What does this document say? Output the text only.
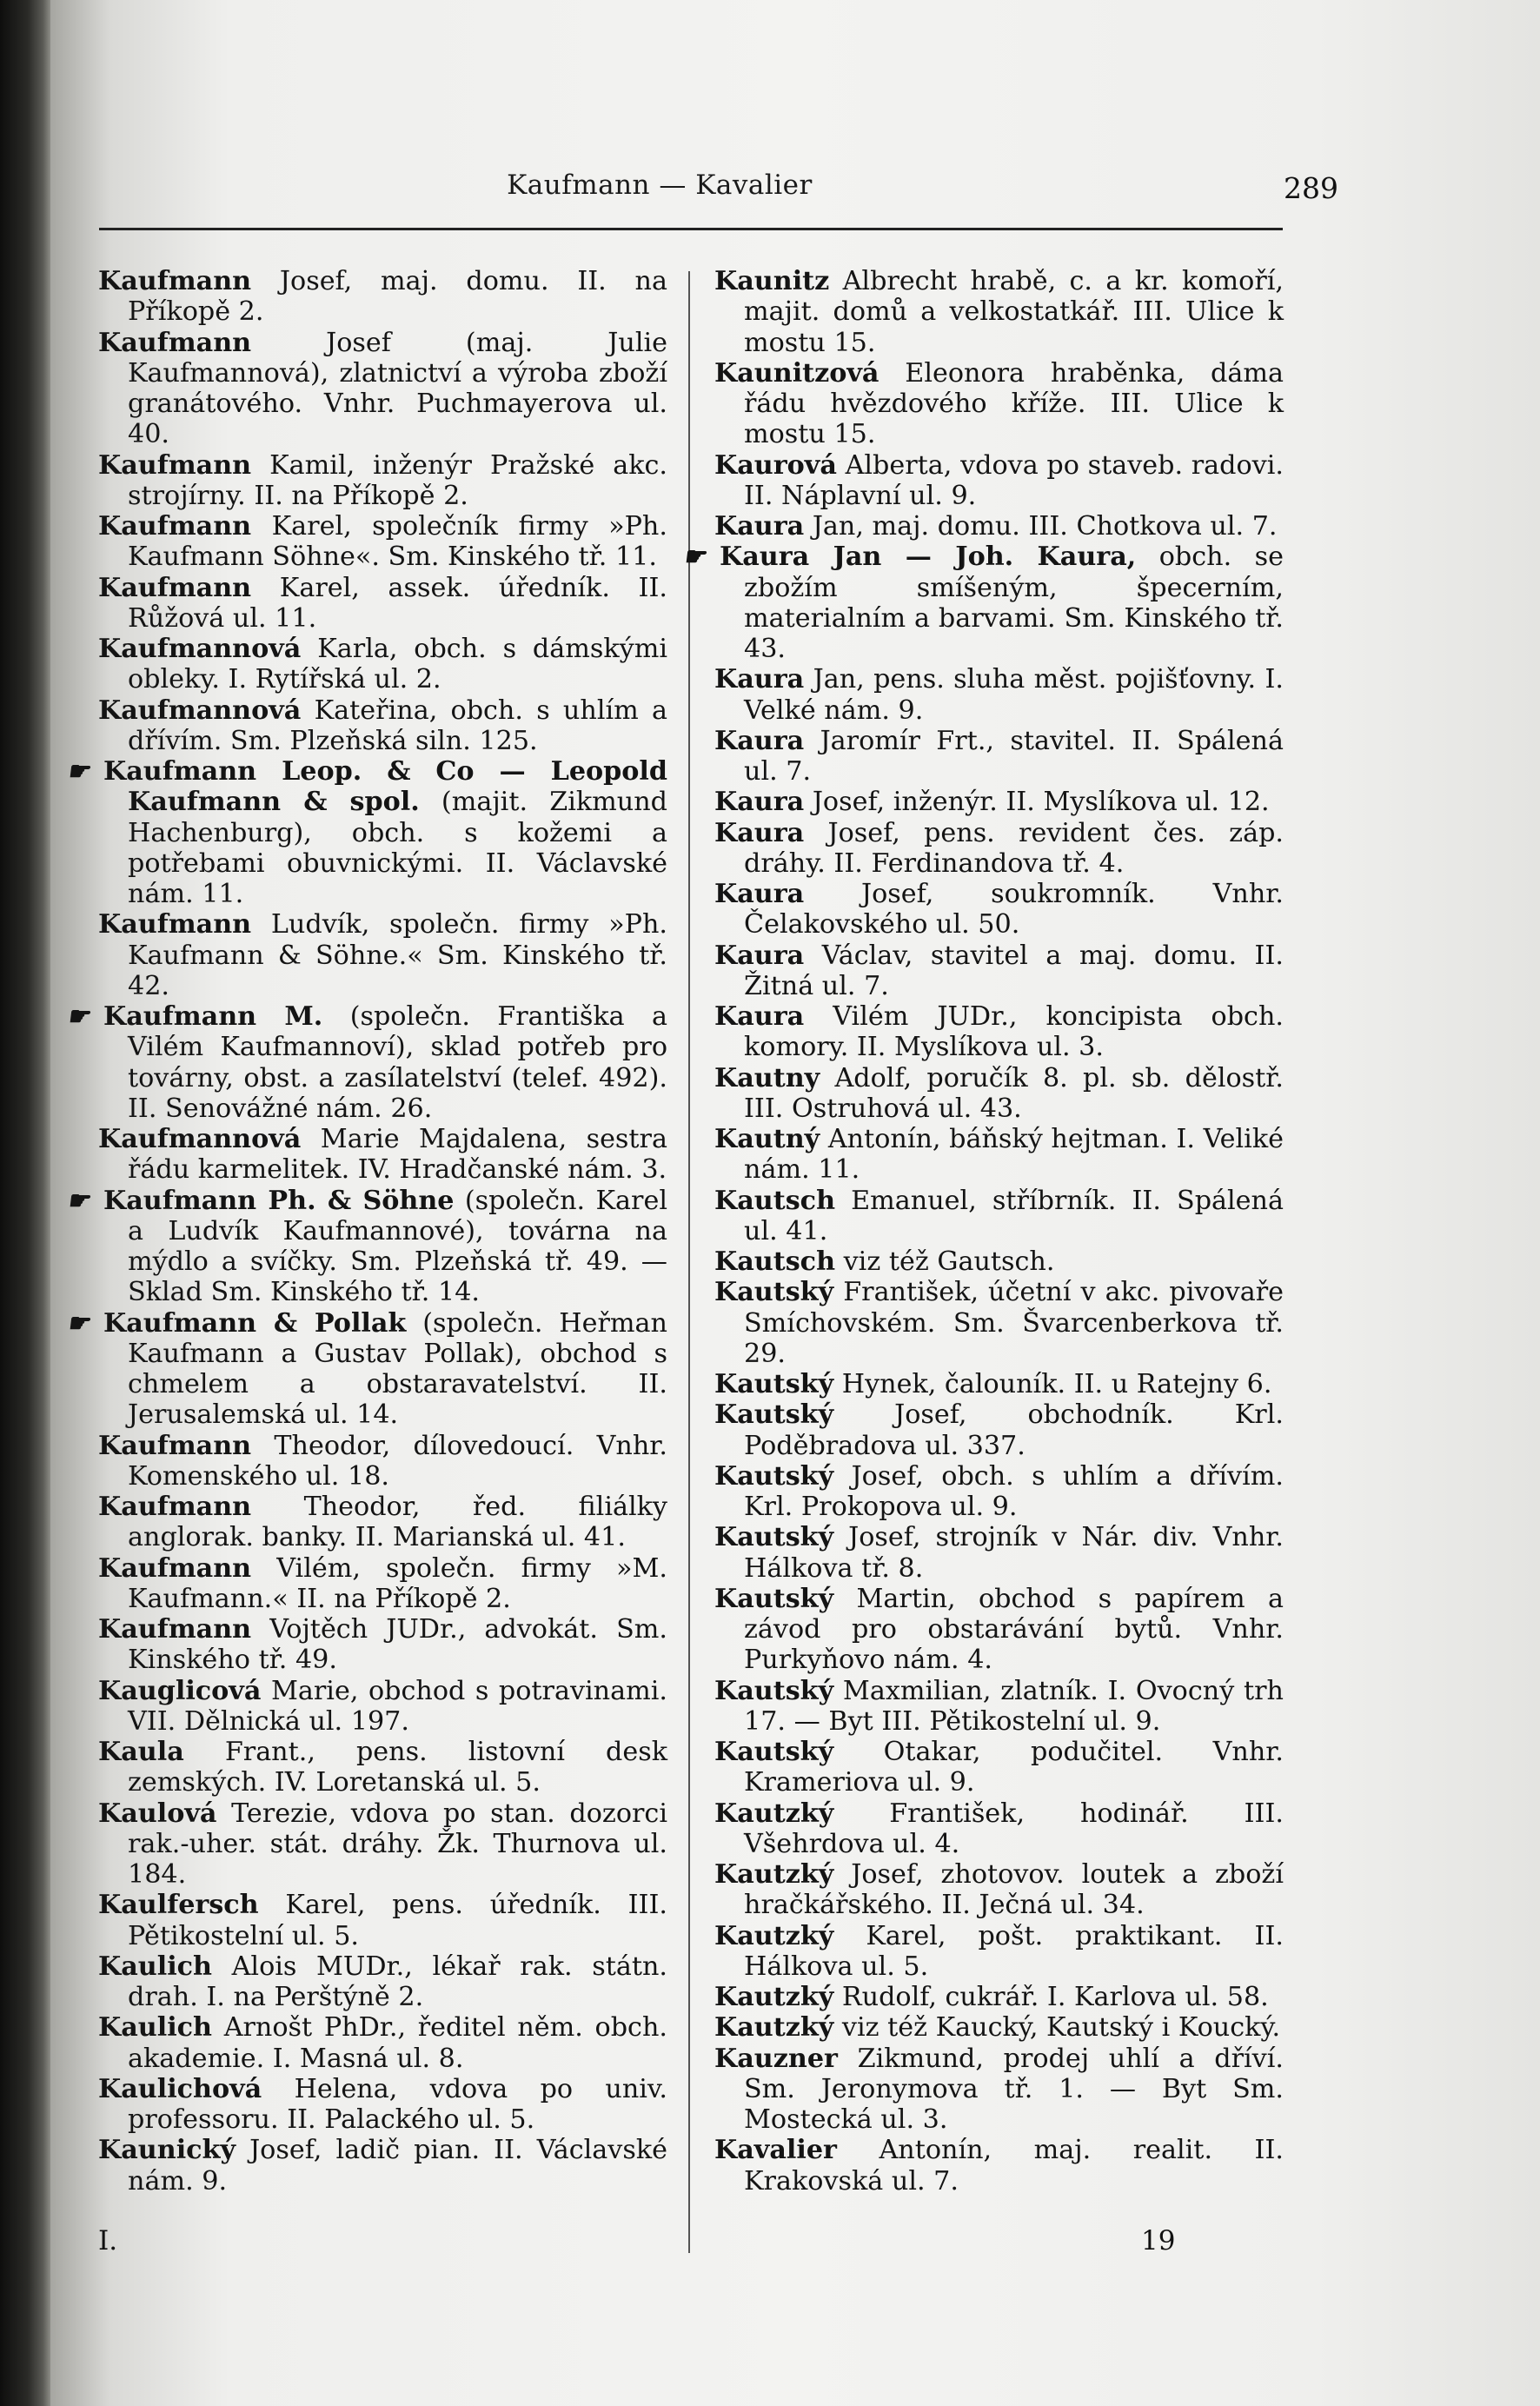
Kaufmann — Kavalier	289
Kaufmann Josef, maj. domu. II. na Příkopě 2.
Kaufmann	Josef (maj. Julie Kaufmannová), zlatnictví a výroba zboží granátového. Vnhr. Puchmayerova ul. 40.
Kaufmann Kamil, inženýr Pražské akc. strojírny. II. na Příkopě 2.
Kaufmann Karel, společník firmy »Ph. Kaufmann Söhne«. Sm. Kinského tř. 11.
Kaufmann Karel, assek. úředník. II. Růžová ul. 11.
Kaufmannová Karla, obch. s dámskými obleky. I. Rytířská ul. 2.
Kaufmannová Kateřina, obch. s uhlím a dřívím. Sm. Plzeňská siln. 125.
Kaufmann Leop. & Co — Leopold Kaufmann & spol. (majit. Zikmund Hachenburg), obch. s kožemi a potřebami obuvnickými. II. Václavské nám. 11.
Kaufmann Ludvík, společn. firmy »Ph. Kaufmann & Söhne.« Sm. Kinského tř. 42.
Kaufmann M. (společn. Františka a Vilém Kaufmannoví), sklad potřeb pro továrny, obst. a zasílatelství (telef. 492). II. Senovážné nám. 26.
Kaufmannová Marie Majdalena, sestra řádu karmelitek. IV. Hradčanské nám. 3.
Kaufmann Ph. & Söhne (společn. Karel a Ludvík Kaufmannové), továrna na mýdlo a svíčky. Sm. Plzeňská tř. 49. — Sklad Sm. Kinského tř. 14.
Kaufmann & Pollak (společn. Heřman Kaufmann a Gustav Pollak), obchod s chmelem a obstaravatelství. II. Jerusalemská ul. 14.
Kaufmann Theodor, dílovedoucí. Vnhr. Komenského ul. 18.
Kaufmann Theodor, řed. filiálky anglorak. banky. II. Marianská ul. 41.
Kaufmann Vilém, společn. firmy »M. Kaufmann.« II. na Příkopě 2.
Kaufmann Vojtěch JUDr., advokát. Sm. Kinského tř. 49.
Kauglicová Marie, obchod s potravinami. VII. Dělnická ul. 197.
Kaula Frant., pens. listovní desk zemských. IV. Loretanská ul. 5.
Kaulová Terezie, vdova po stan. dozorci rak.-uher. stát. dráhy. Žk. Thurnova ul. 184.
Kaulfersch Karel, pens. úředník. III. Pětikostelní ul. 5.
Kaulich Alois MUDr., lékař rak. státn. drah. I. na Perštýně 2.
Kaulich Arnošt PhDr., ředitel něm. obch. akademie. I. Masná ul. 8.
Kaulichová Helena, vdova po univ. professoru. II. Palackého ul. 5.
Kaunický Josef, ladič pian. II. Václavské nám. 9.
Kaunitz Albrecht hrabě, c. a kr. komoří, majit. domů a velkostatkář. III. Ulice k mostu 15.
Kaunitzová Eleonora hraběnka, dáma řádu hvězdového kříže. III. Ulice k mostu 15.
Kaurová Alberta, vdova po staveb. radovi. II. Náplavní ul. 9.
Kaura Jan, maj. domu. III. Chotkova ul. 7.
Kaura Jan — Joh. Kaura, obch. se zbožím smíšeným, špecerním, materialním a barvami. Sm. Kinského tř. 43.
Kaura Jan, pens. sluha měst. pojišťovny. I. Velké nám. 9.
Kaura Jaromír Frt., stavitel. II. Spálená ul. 7.
Kaura Josef, inženýr. II. Myslíkova ul. 12.
Kaura Josef, pens. revident čes. záp. dráhy. II. Ferdinandova tř. 4.
Kaura Josef, soukromník. Vnhr. Čelakovského ul. 50.
Kaura Václav, stavitel a maj. domu. II. Žitná ul. 7.
Kaura Vilém JUDr., koncipista obch. komory. II. Myslíkova ul. 3.
Kautny Adolf, poručík 8. pl. sb. dělostř. III. Ostruhová ul. 43.
Kautný Antonín, báňský hejtman. I. Veliké nám. 11.
Kautsch Emanuel, stříbrník. II. Spálená ul. 41.
Kautsch viz též Gautsch.
Kautský František, účetní v akc. pivovaře Smíchovském. Sm. Švarcenberkova tř. 29.
Kautský Hynek, čalouník. II. u Ratejny 6.
Kautský Josef, obchodník. Krl. Poděbradova ul. 337.
Kautský Josef, obch. s uhlím a dřívím. Krl. Prokopova ul. 9.
Kautský Josef, strojník v Nár. div. Vnhr. Hálkova tř. 8.
Kautský Martin, obchod s papírem a závod pro obstarávání bytů. Vnhr. Purkyňovo nám. 4.
Kautský Maxmilian, zlatník. I. Ovocný trh 17. — Byt III. Pětikostelní ul. 9.
Kautský Otakar, podučitel. Vnhr. Krameriova ul. 9.
Kautzký František, hodinář. III. Všehrdova ul. 4.
Kautzký Josef, zhotovov. loutek a zboží hračkářského. II. Ječná ul. 34.
Kautzký Karel, pošt. praktikant. II. Hálkova ul. 5.
Kautzký Rudolf, cukrář. I. Karlova ul. 58.
Kautzký viz též Kaucký, Kautský i Koucký.
Kauzner Zikmund, prodej uhlí a dříví. Sm. Jeronymova tř. 1. — Byt Sm. Mostecká ul. 3.
Kavalier Antonín, maj. realit. II. Krakovská ul. 7.
I.	19
